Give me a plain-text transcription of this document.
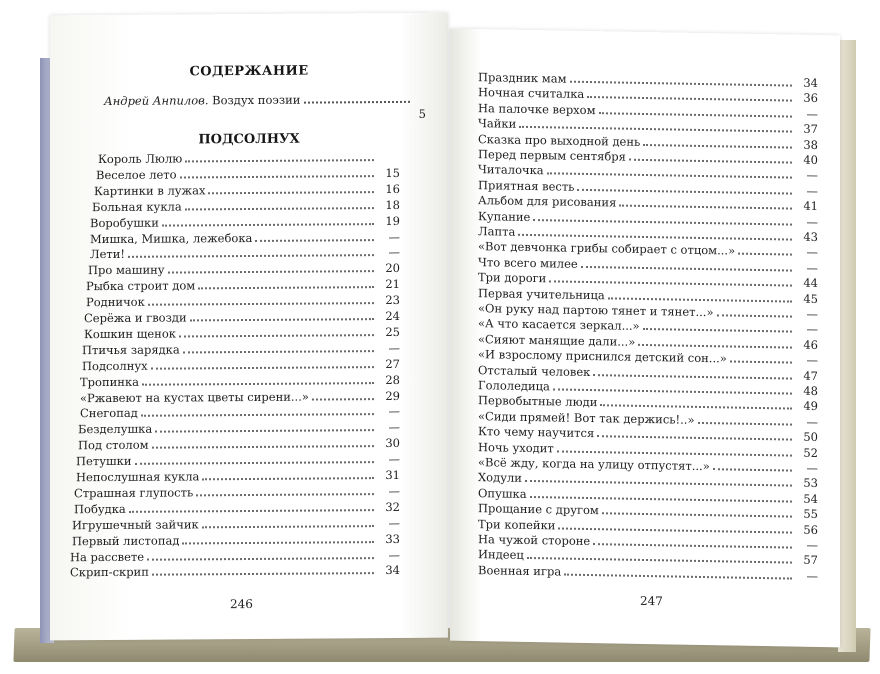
СОДЕРЖАНИЕ
Андрей Анпилов. Воздух поэзии
5
ПОДСОЛНУХ
246
Король Люлю
Веселое лето	15
Картинки в лужах	16
Больная кукла	18
Воробушки	19
Мишка, Мишка, лежебока	—
Лети!	—
Про машину	20
Рыбка строит дом	21
Родничок	23
Серёжа и гвозди	24
Кошкин щенок	25
Птичья зарядка	—
Подсолнух	27
Тропинка	28
«Ржавеют на кустах цветы сирени...»	29
Снегопад	—
Безделушка	—
Под столом	30
Петушки	—
Непослушная кукла	31
Страшная глупость	—
Побудка	32
Игрушечный зайчик	—
Первый листопад	33
На рассвете	—
Скрип-скрип	34
247
Праздник мам	34
Ночная считалка	36
На палочке верхом	—
Чайки	37
Сказка про выходной день	38
Перед первым сентября	40
Читалочка	—
Приятная весть	—
Альбом для рисования	41
Купание	—
Лапта	43
«Вот девчонка грибы собирает с отцом...»	—
Что всего милее	—
Три дороги	44
Первая учительница	45
«Он руку над партою тянет и тянет...»	—
«А что касается зеркал...»	—
«Сияют манящие дали...»	46
«И взрослому приснился детский сон...»	—
Отсталый человек	47
Гололедица	48
Первобытные люди	49
«Сиди прямей! Вот так держись!..»	—
Кто чему научится	50
Ночь уходит	52
«Всё жду, когда на улицу отпустят...»	—
Ходули	53
Опушка	54
Прощание с другом	55
Три копейки	56
На чужой стороне	—
Индеец	57
Военная игра	—
